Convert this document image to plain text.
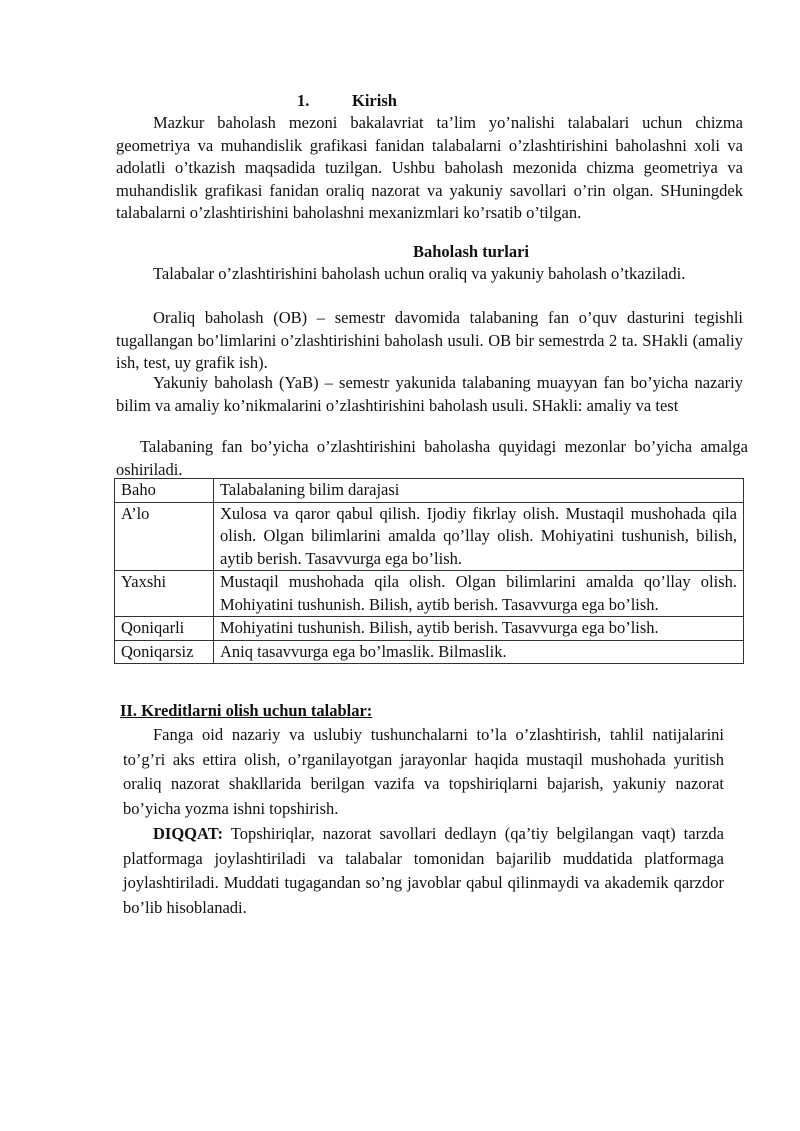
1.	Kirish
Mazkur baholash mezoni bakalavriat ta’lim yo’nalishi talabalari uchun chizma geometriya va muhandislik grafikasi fanidan talabalarni o’zlashtirishini baholashni xoli va adolatli o’tkazish maqsadida tuzilgan. Ushbu baholash mezonida chizma geometriya va muhandislik grafikasi fanidan oraliq nazorat va yakuniy savollari o’rin olgan. SHuningdek talabalarni o’zlashtirishini baholashni mexanizmlari ko’rsatib o’tilgan.
Baholash turlari
Talabalar o’zlashtirishini baholash uchun oraliq va yakuniy baholash o’tkaziladi.
Oraliq baholash (OB) – semestr davomida talabaning fan o’quv dasturini tegishli tugallangan bo’limlarini o’zlashtirishini baholash usuli. OB bir semestrda 2 ta. SHakli (amaliy ish, test, uy grafik ish).
Yakuniy baholash (YaB) – semestr yakunida talabaning muayyan fan bo’yicha nazariy bilim va amaliy ko’nikmalarini o’zlashtirishini baholash usuli. SHakli: amaliy va test
Talabaning fan bo’yicha o’zlashtirishini baholasha quyidagi mezonlar bo’yicha amalga oshiriladi.
Baho	Talabalaning bilim darajasi
A’lo	Xulosa va qaror qabul qilish. Ijodiy fikrlay olish. Mustaqil mushohada qila olish. Olgan bilimlarini amalda qo’llay olish. Mohiyatini tushunish, bilish, aytib berish. Tasavvurga ega bo’lish.
Yaxshi	Mustaqil mushohada qila olish. Olgan bilimlarini amalda qo’llay olish. Mohiyatini tushunish. Bilish, aytib berish. Tasavvurga ega bo’lish.
Qoniqarli	Mohiyatini tushunish. Bilish, aytib berish. Tasavvurga ega bo’lish.
Qoniqarsiz	Aniq tasavvurga ega bo’lmaslik. Bilmaslik.
II. Kreditlarni olish uchun talablar:
Fanga oid nazariy va uslubiy tushunchalarni to’la o’zlashtirish, tahlil natijalarini to’g’ri aks ettira olish, o’rganilayotgan jarayonlar haqida mustaqil mushohada yuritish oraliq nazorat shakllarida berilgan vazifa va topshiriqlarni bajarish, yakuniy nazorat bo’yicha yozma ishni topshirish.
DIQQAT: Topshiriqlar, nazorat savollari dedlayn (qa’tiy belgilangan vaqt) tarzda platformaga joylashtiriladi va talabalar tomonidan bajarilib muddatida platformaga joylashtiriladi. Muddati tugagandan so’ng javoblar qabul qilinmaydi va akademik qarzdor bo’lib hisoblanadi.
